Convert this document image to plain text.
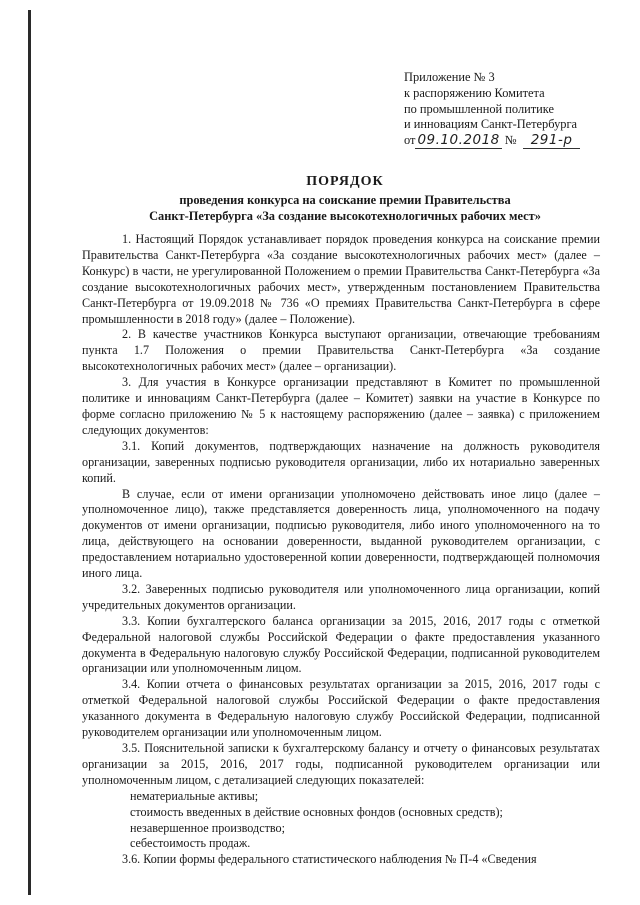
Приложение № 3
к распоряжению Комитета
по промышленной политике
и инновациям Санкт-Петербурга
от 09.10.2018 № 291-р
ПОРЯДОК
проведения конкурса на соискание премии Правительства
Санкт-Петербурга «За создание высокотехнологичных рабочих мест»

1. Настоящий Порядок устанавливает порядок проведения конкурса на соискание премии Правительства Санкт-Петербурга «За создание высокотехнологичных рабочих мест» (далее – Конкурс) в части, не урегулированной Положением о премии Правительства Санкт-Петербурга «За создание высокотехнологичных рабочих мест», утвержденным постановлением Правительства Санкт-Петербурга от 19.09.2018 № 736 «О премиях Правительства Санкт-Петербурга в сфере промышленности в 2018 году» (далее – Положение).

2. В качестве участников Конкурса выступают организации, отвечающие требованиям пункта 1.7 Положения о премии Правительства Санкт-Петербурга «За создание высокотехнологичных рабочих мест» (далее – организации).

3. Для участия в Конкурсе организации представляют в Комитет по промышленной политике и инновациям Санкт-Петербурга (далее – Комитет) заявки на участие в Конкурсе по форме согласно приложению № 5 к настоящему распоряжению (далее – заявка) с приложением следующих документов:

3.1. Копий документов, подтверждающих назначение на должность руководителя организации, заверенных подписью руководителя организации, либо их нотариально заверенных копий.

В случае, если от имени организации уполномочено действовать иное лицо (далее – уполномоченное лицо), также представляется доверенность лица, уполномоченного на подачу документов от имени организации, подписью руководителя, либо иного уполномоченного на то лица, действующего на основании доверенности, выданной руководителем организации, с предоставлением нотариально удостоверенной копии доверенности, подтверждающей полномочия иного лица.

3.2. Заверенных подписью руководителя или уполномоченного лица организации, копий учредительных документов организации.

3.3. Копии бухгалтерского баланса организации за 2015, 2016, 2017 годы с отметкой Федеральной налоговой службы Российской Федерации о факте предоставления указанного документа в Федеральную налоговую службу Российской Федерации, подписанной руководителем организации или уполномоченным лицом.

3.4. Копии отчета о финансовых результатах организации за 2015, 2016, 2017 годы с отметкой Федеральной налоговой службы Российской Федерации о факте предоставления указанного документа в Федеральную налоговую службу Российской Федерации, подписанной руководителем организации или уполномоченным лицом.

3.5. Пояснительной записки к бухгалтерскому балансу и отчету о финансовых результатах организации за 2015, 2016, 2017 годы, подписанной руководителем организации или уполномоченным лицом, с детализацией следующих показателей:

нематериальные активы;

стоимость введенных в действие основных фондов (основных средств);

незавершенное производство;

себестоимость продаж.

3.6. Копии формы федерального статистического наблюдения № П-4 «Сведения
